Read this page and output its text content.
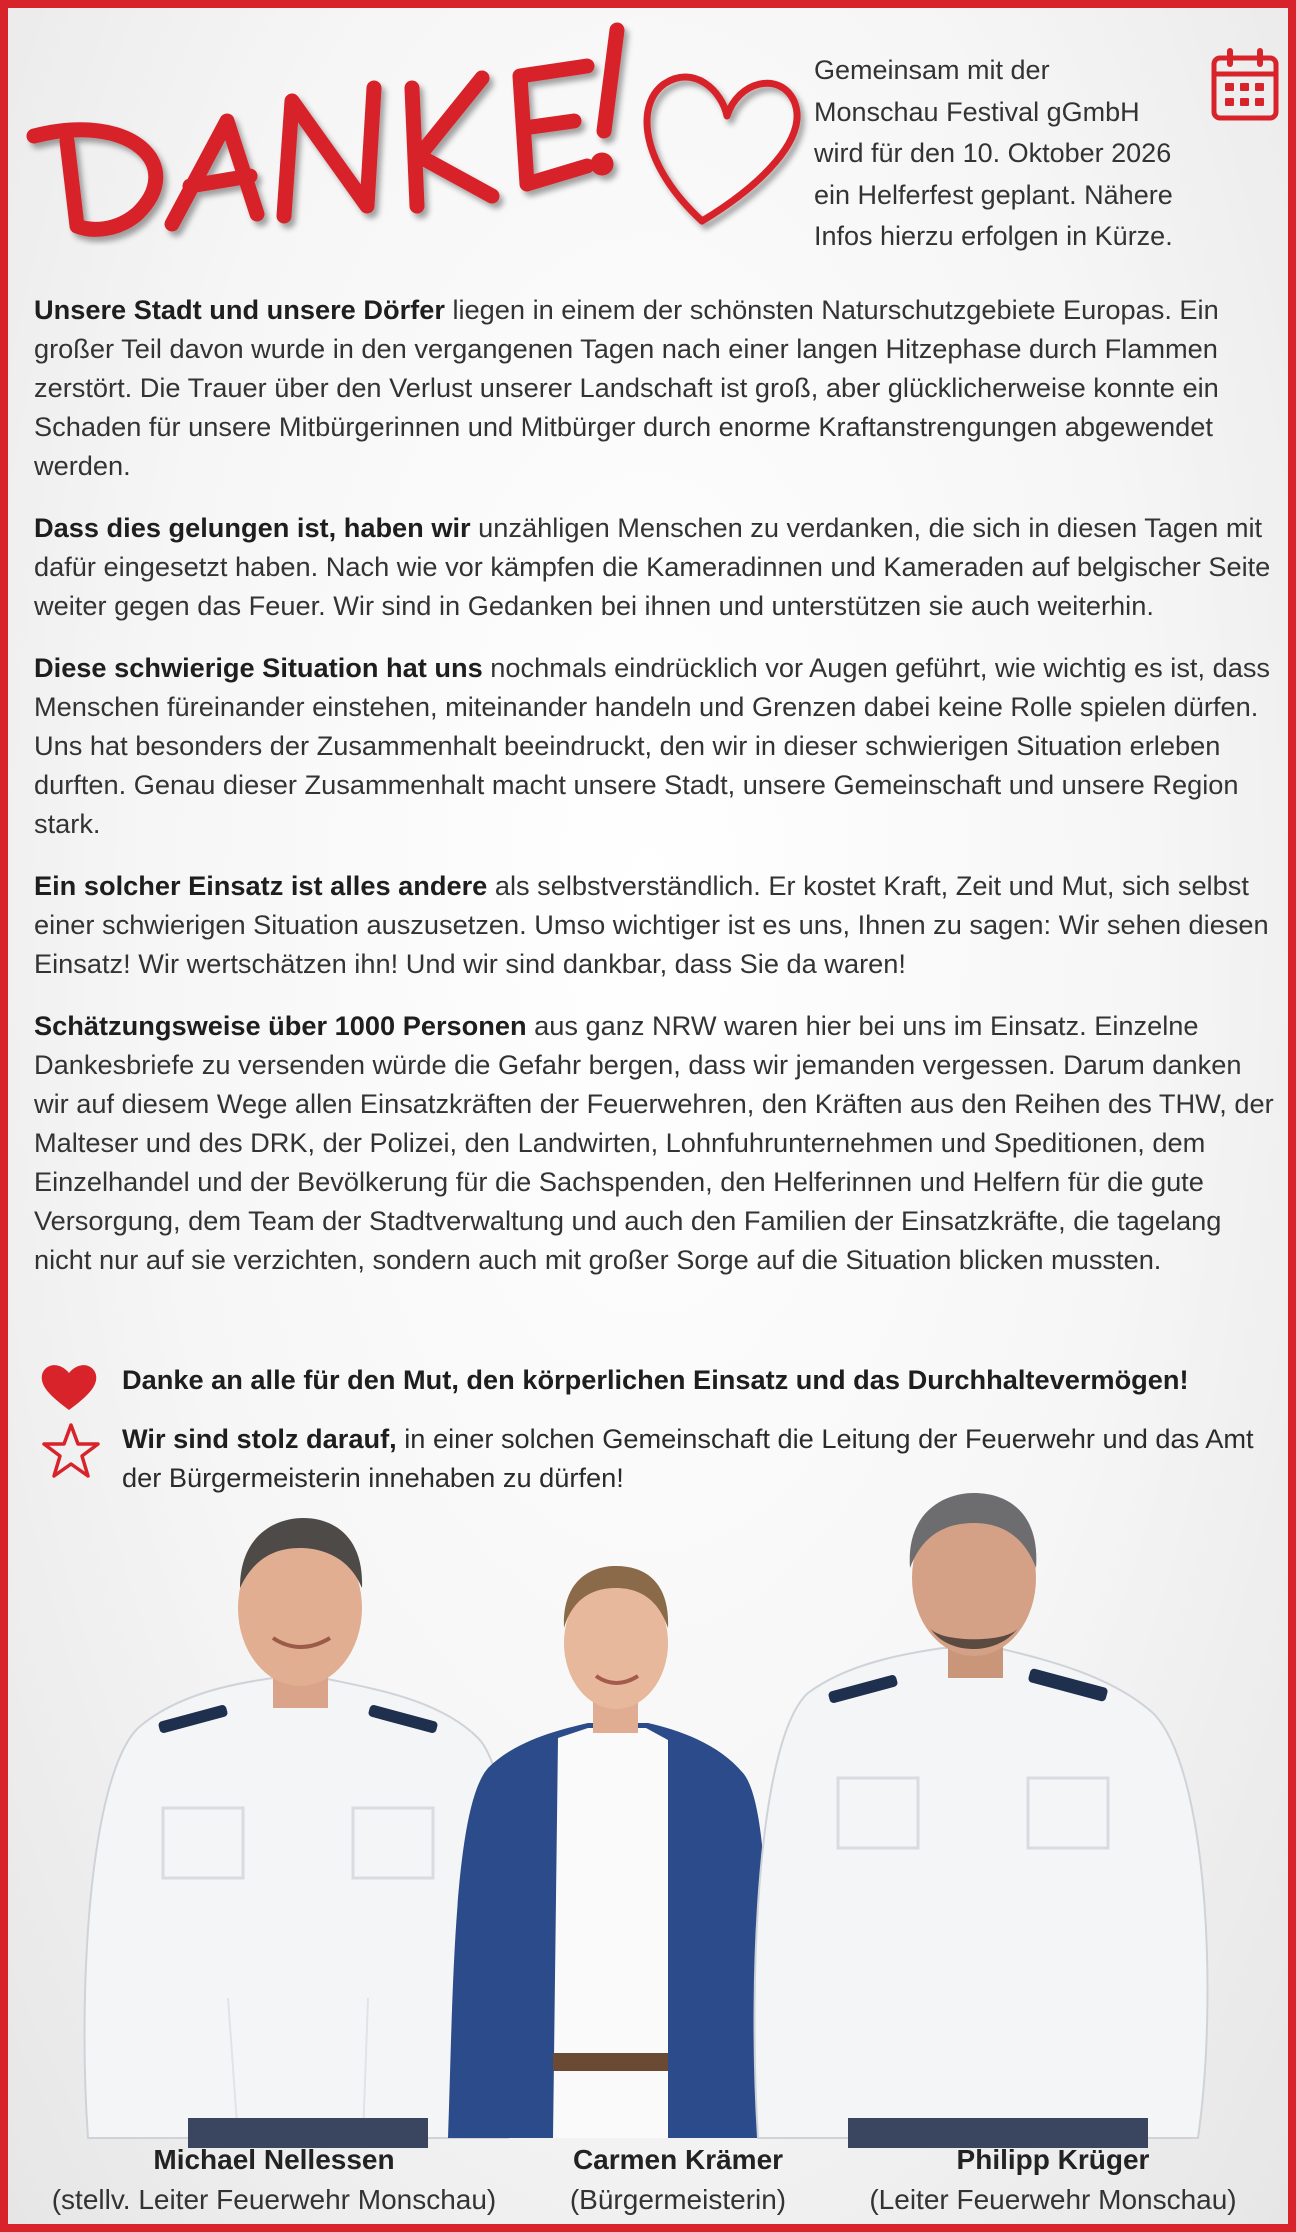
Gemeinsam mit der
Monschau Festival gGmbH
wird für den 10. Oktober 2026
ein Helferfest geplant. Nähere
Infos hierzu erfolgen in Kürze.

Unsere Stadt und unsere Dörfer liegen in einem der schönsten Naturschutzgebiete Europas. Ein großer Teil davon wurde in den vergangenen Tagen nach einer langen Hitzephase durch Flammen zerstört. Die Trauer über den Verlust unserer Landschaft ist groß, aber glücklicherweise konnte ein Schaden für unsere Mitbürgerinnen und Mitbürger durch enorme Kraftanstrengungen abgewendet werden.

Dass dies gelungen ist, haben wir unzähligen Menschen zu verdanken, die sich in diesen Tagen mit dafür eingesetzt haben. Nach wie vor kämpfen die Kameradinnen und Kameraden auf belgischer Seite weiter gegen das Feuer. Wir sind in Gedanken bei ihnen und unterstützen sie auch weiterhin.

Diese schwierige Situation hat uns nochmals eindrücklich vor Augen geführt, wie wichtig es ist, dass Menschen füreinander einstehen, miteinander handeln und Grenzen dabei keine Rolle spielen dürfen. Uns hat besonders der Zusammenhalt beeindruckt, den wir in dieser schwierigen Situation erleben durften. Genau dieser Zusammenhalt macht unsere Stadt, unsere Gemeinschaft und unsere Region stark.

Ein solcher Einsatz ist alles andere als selbstverständlich. Er kostet Kraft, Zeit und Mut, sich selbst einer schwierigen Situation auszusetzen. Umso wichtiger ist es uns, Ihnen zu sagen: Wir sehen diesen Einsatz! Wir wertschätzen ihn! Und wir sind dankbar, dass Sie da waren!

Schätzungsweise über 1000 Personen aus ganz NRW waren hier bei uns im Einsatz. Einzelne Dankesbriefe zu versenden würde die Gefahr bergen, dass wir jemanden vergessen. Darum danken wir auf diesem Wege allen Einsatzkräften der Feuerwehren, den Kräften aus den Reihen des THW, der Malteser und des DRK, der Polizei, den Landwirten, Lohnfuhrunternehmen und Speditionen, dem Einzelhandel und der Bevölkerung für die Sachspenden, den Helferinnen und Helfern für die gute Versorgung, dem Team der Stadtverwaltung und auch den Familien der Einsatzkräfte, die tagelang nicht nur auf sie verzichten, sondern auch mit großer Sorge auf die Situation blicken mussten.

Danke an alle für den Mut, den körperlichen Einsatz und das Durchhaltevermögen!
Wir sind stolz darauf, in einer solchen Gemeinschaft die Leitung der Feuerwehr und das Amt der Bürgermeisterin innehaben zu dürfen!
Michael Nellessen
(stellv. Leiter Feuerwehr Monschau)
Carmen Krämer
(Bürgermeisterin)
Philipp Krüger
(Leiter Feuerwehr Monschau)
